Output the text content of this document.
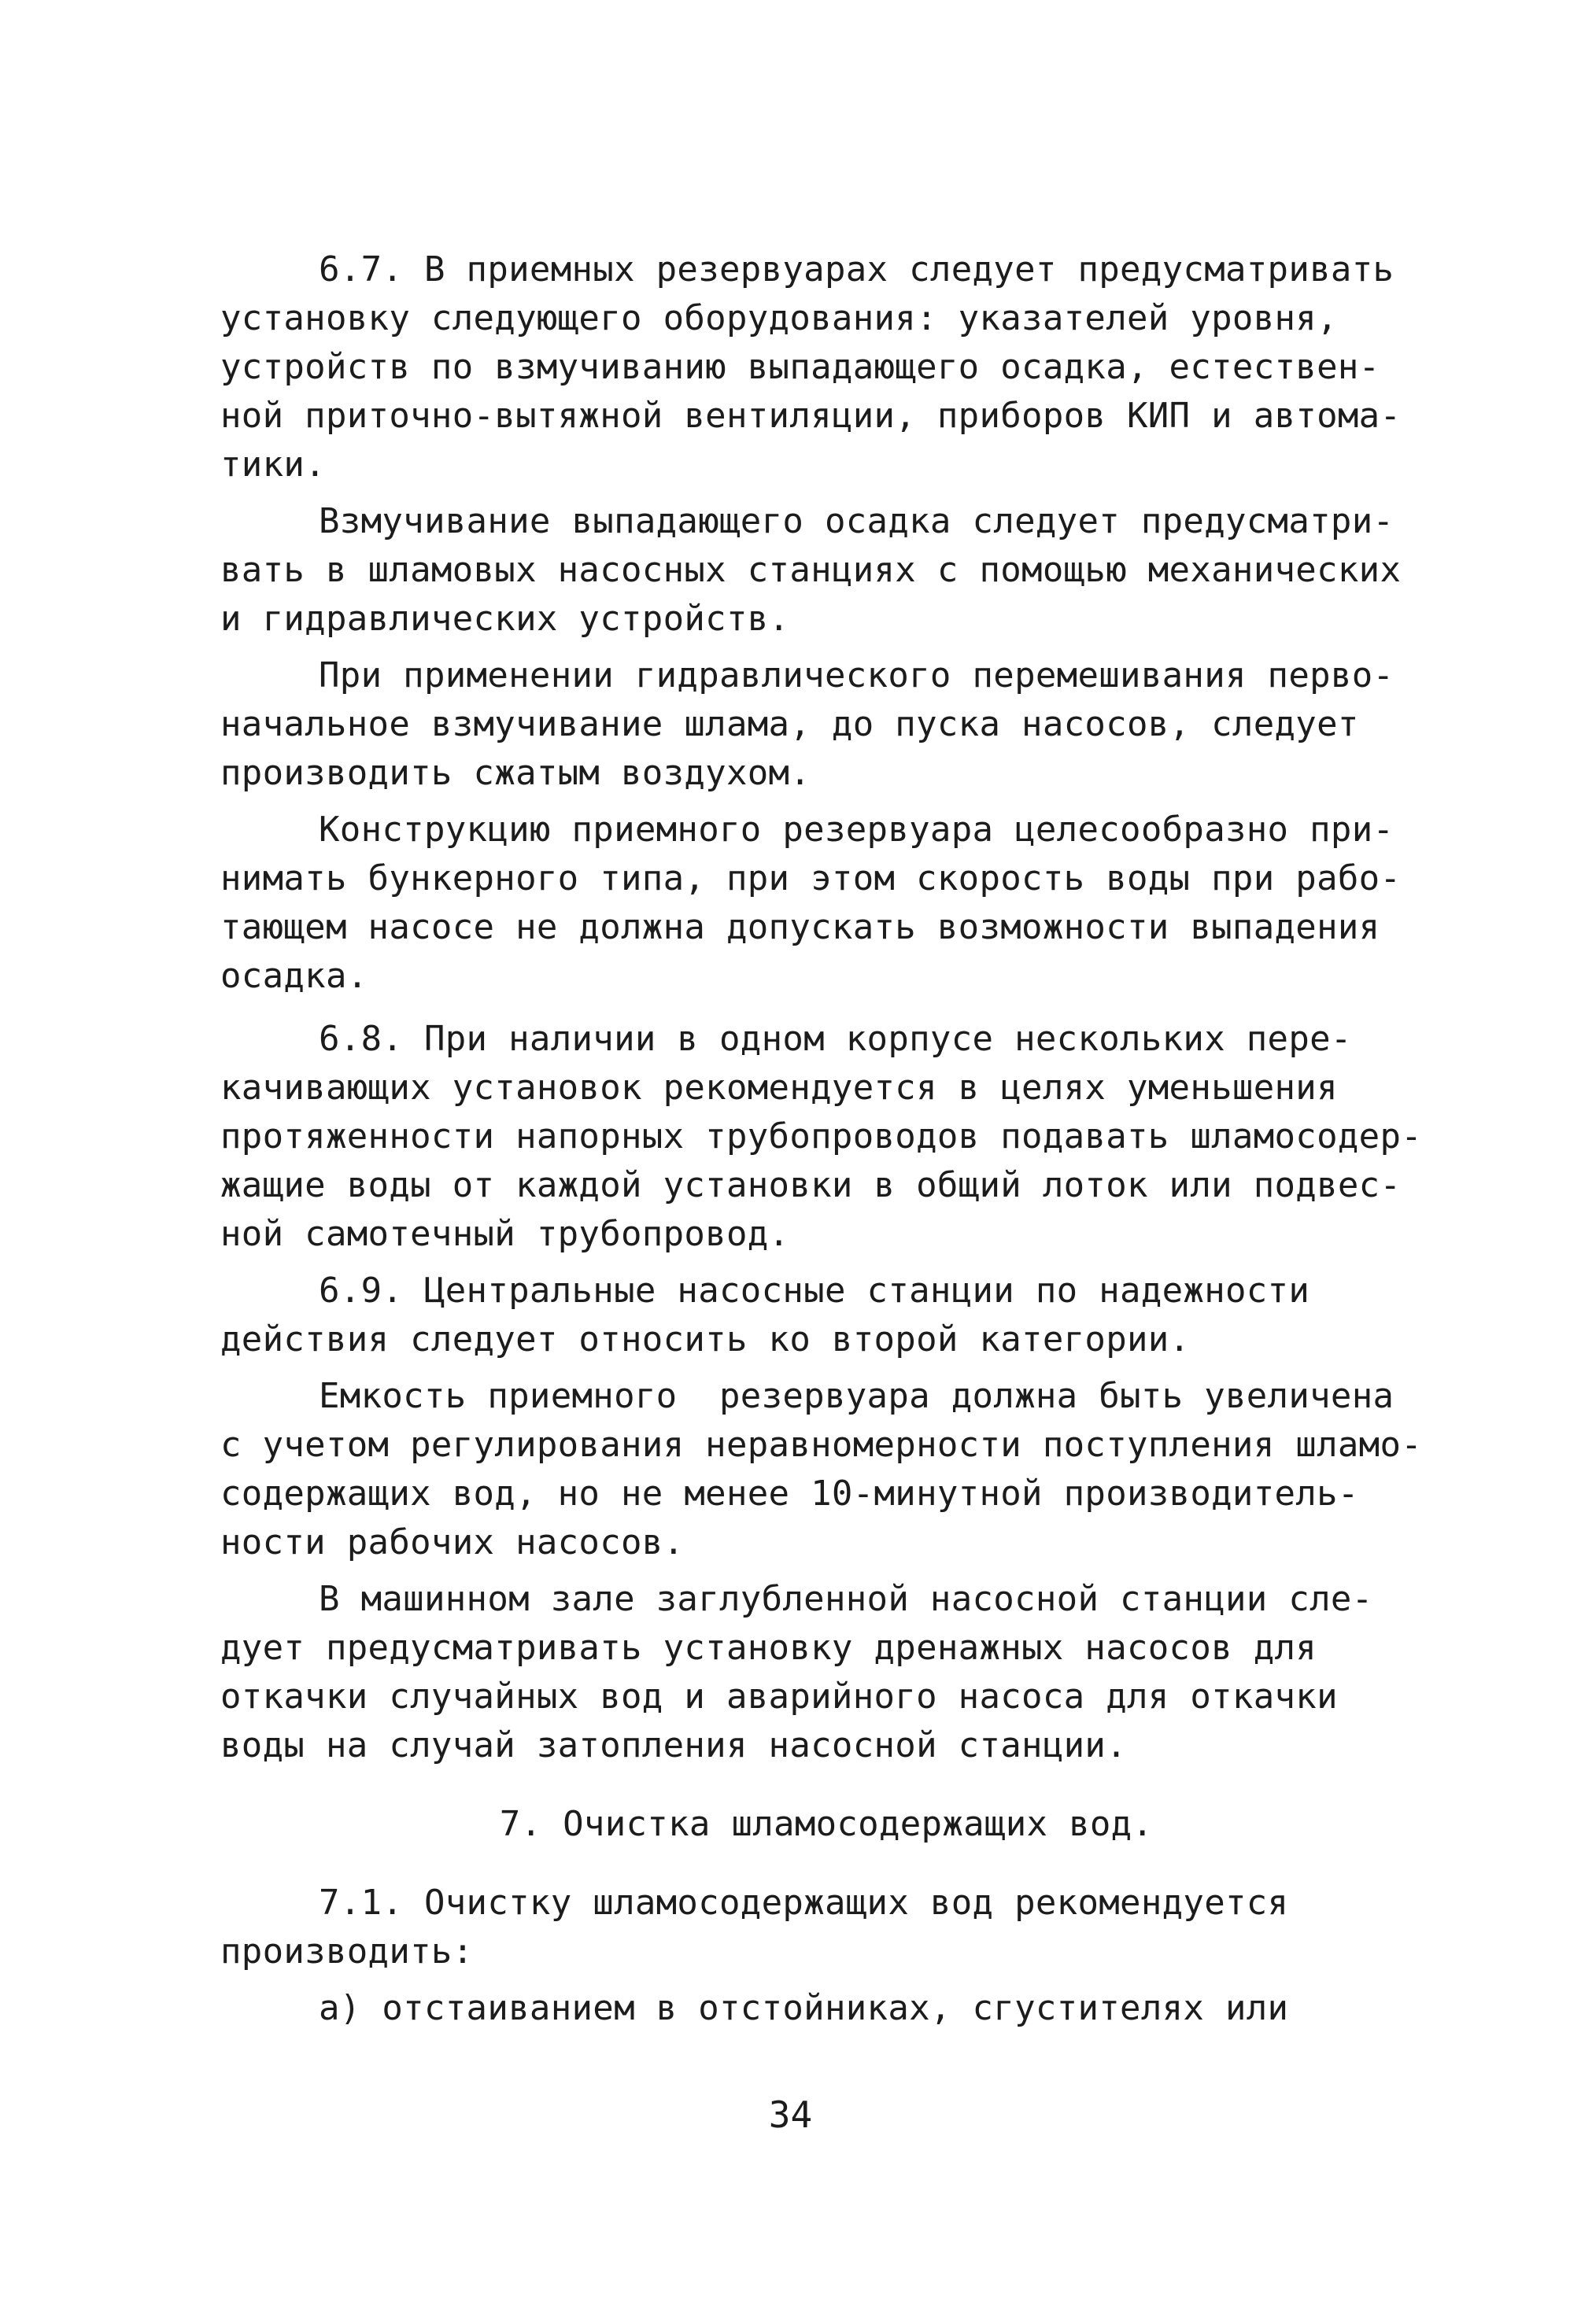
6.7. В приемных резервуарах следует предусматривать
установку следующего оборудования: указателей уровня,
устройств по взмучиванию выпадающего осадка, естествен-
ной приточно-вытяжной вентиляции, приборов КИП и автома-
тики.
Взмучивание выпадающего осадка следует предусматри-
вать в шламовых насосных станциях с помощью механических
и гидравлических устройств.
При применении гидравлического перемешивания перво-
начальное взмучивание шлама, до пуска насосов, следует
производить сжатым воздухом.
Конструкцию приемного резервуара целесообразно при-
нимать бункерного типа, при этом скорость воды при рабо-
тающем насосе не должна допускать возможности выпадения
осадка.
6.8. При наличии в одном корпусе нескольких пере-
качивающих установок рекомендуется в целях уменьшения
протяженности напорных трубопроводов подавать шламосодер-
жащие воды от каждой установки в общий лоток или подвес-
ной самотечный трубопровод.
6.9. Центральные насосные станции по надежности
действия следует относить ко второй категории.
Емкость приемного  резервуара должна быть увеличена
с учетом регулирования неравномерности поступления шламо-
содержащих вод, но не менее 10-минутной производитель-
ности рабочих насосов.
В машинном зале заглубленной насосной станции сле-
дует предусматривать установку дренажных насосов для
откачки случайных вод и аварийного насоса для откачки
воды на случай затопления насосной станции.
7. Очистка шламосодержащих вод.
7.1. Очистку шламосодержащих вод рекомендуется
производить:
а) отстаиванием в отстойниках, сгустителях или
34
